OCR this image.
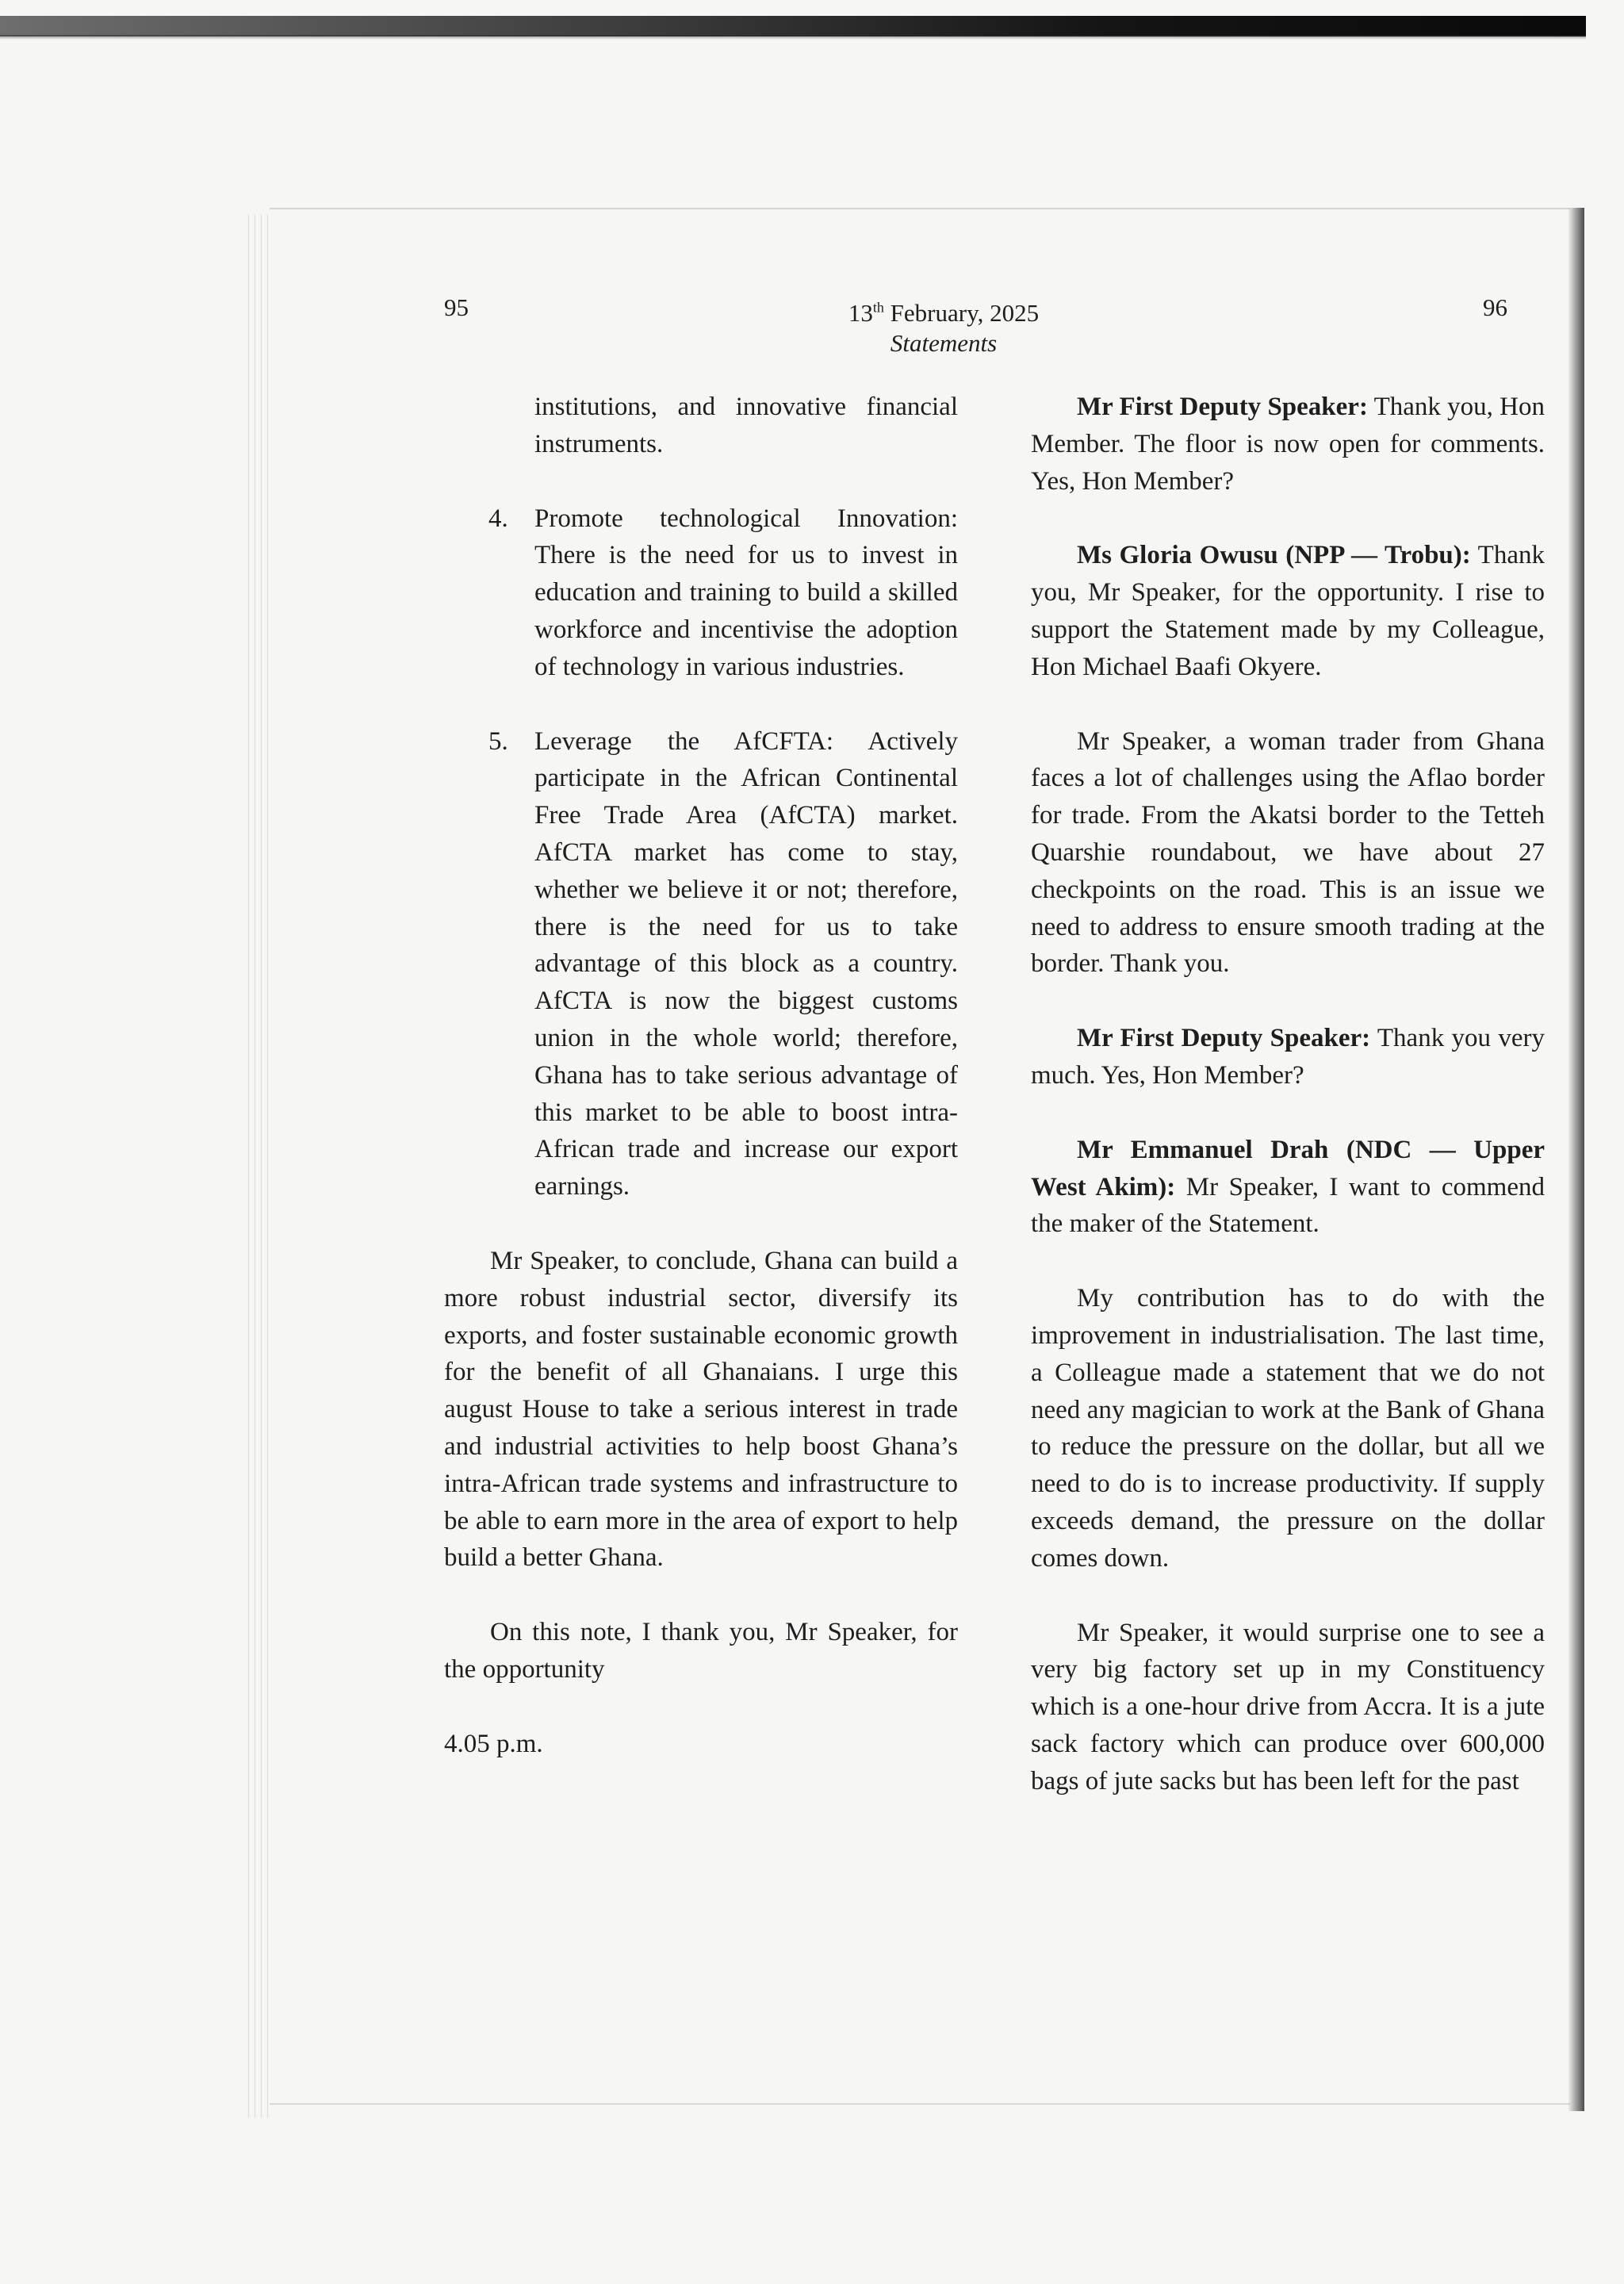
95	13th February, 2025
Statements
96

institutions, and innovative financial instruments.

4. Promote technological Innovation: There is the need for us to invest in education and training to build a skilled workforce and incentivise the adoption of technology in various industries.

5. Leverage the AfCFTA: Actively participate in the African Continental Free Trade Area (AfCTA) market. AfCTA market has come to stay, whether we believe it or not; therefore, there is the need for us to take advantage of this block as a country. AfCTA is now the biggest customs union in the whole world; therefore, Ghana has to take serious advantage of this market to be able to boost intra-African trade and increase our export earnings.

Mr Speaker, to conclude, Ghana can build a more robust industrial sector, diversify its exports, and foster sustainable economic growth for the benefit of all Ghanaians. I urge this august House to take a serious interest in trade and industrial activities to help boost Ghana’s intra-African trade systems and infrastructure to be able to earn more in the area of export to help build a better Ghana.

On this note, I thank you, Mr Speaker, for the opportunity

4.05 p.m.

Mr First Deputy Speaker: Thank you, Hon Member. The floor is now open for comments. Yes, Hon Member?

Ms Gloria Owusu (NPP — Trobu): Thank you, Mr Speaker, for the opportunity. I rise to support the Statement made by my Colleague, Hon Michael Baafi Okyere.

Mr Speaker, a woman trader from Ghana faces a lot of challenges using the Aflao border for trade. From the Akatsi border to the Tetteh Quarshie roundabout, we have about 27 checkpoints on the road. This is an issue we need to address to ensure smooth trading at the border. Thank you.

Mr First Deputy Speaker: Thank you very much. Yes, Hon Member?

Mr Emmanuel Drah (NDC — Upper West Akim): Mr Speaker, I want to commend the maker of the Statement.

My contribution has to do with the improvement in industrialisation. The last time, a Colleague made a statement that we do not need any magician to work at the Bank of Ghana to reduce the pressure on the dollar, but all we need to do is to increase productivity. If supply exceeds demand, the pressure on the dollar comes down.

Mr Speaker, it would surprise one to see a very big factory set up in my Constituency which is a one-hour drive from Accra. It is a jute sack factory which can produce over 600,000 bags of jute sacks but has been left for the past
